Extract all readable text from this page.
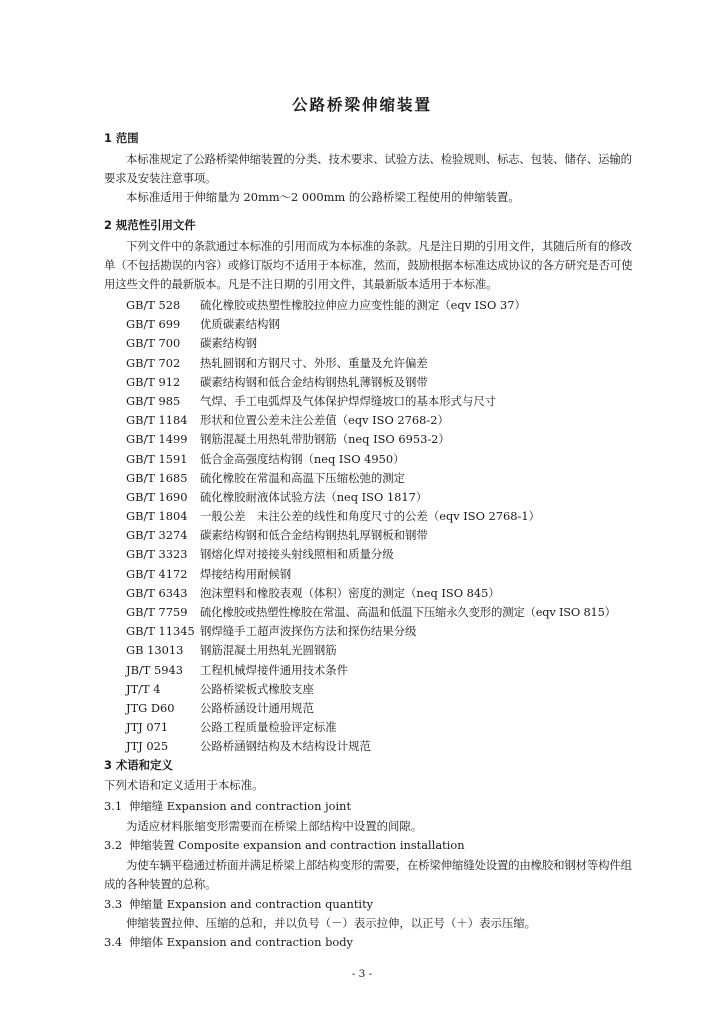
公路桥梁伸缩装置
1 范围

本标准规定了公路桥梁伸缩装置的分类、技术要求、试验方法、检验规则、标志、包装、储存、运输的要求及安装注意事项。

本标准适用于伸缩量为 20mm～2 000mm 的公路桥梁工程使用的伸缩装置。

2 规范性引用文件

下列文件中的条款通过本标准的引用而成为本标准的条款。凡是注日期的引用文件，其随后所有的修改单（不包括勘误的内容）或修订版均不适用于本标准，然而，鼓励根据本标准达成协议的各方研究是否可使用这些文件的最新版本。凡是不注日期的引用文件，其最新版本适用于本标准。

GB/T 528 硫化橡胶或热塑性橡胶拉伸应力应变性能的测定（eqv ISO 37）
GB/T 699 优质碳素结构钢
GB/T 700 碳素结构钢
GB/T 702 热轧圆钢和方钢尺寸、外形、重量及允许偏差
GB/T 912 碳素结构钢和低合金结构钢热轧薄钢板及钢带
GB/T 985 气焊、手工电弧焊及气体保护焊焊缝坡口的基本形式与尺寸
GB/T 1184 形状和位置公差未注公差值（eqv ISO 2768-2）
GB/T 1499 钢筋混凝土用热轧带肋钢筋（neq ISO 6953-2）
GB/T 1591 低合金高强度结构钢（neq ISO 4950）
GB/T 1685 硫化橡胶在常温和高温下压缩松弛的测定
GB/T 1690 硫化橡胶耐液体试验方法（neq ISO 1817）
GB/T 1804 一般公差　未注公差的线性和角度尺寸的公差（eqv ISO 2768-1）
GB/T 3274 碳素结构钢和低合金结构钢热轧厚钢板和钢带
GB/T 3323 钢熔化焊对接接头射线照相和质量分级
GB/T 4172 焊接结构用耐候钢
GB/T 6343 泡沫塑料和橡胶表观（体积）密度的测定（neq ISO 845）
GB/T 7759 硫化橡胶或热塑性橡胶在常温、高温和低温下压缩永久变形的测定（eqv ISO 815）
GB/T 11345 钢焊缝手工超声波探伤方法和探伤结果分级
GB 13013 钢筋混凝土用热轧光圆钢筋
JB/T 5943 工程机械焊接件通用技术条件
JT/T 4	公路桥梁板式橡胶支座
JTG D60 公路桥涵设计通用规范
JTJ 071	公路工程质量检验评定标准
JTJ 025	公路桥涵钢结构及木结构设计规范
3 术语和定义
下列术语和定义适用于本标准。
3.1 伸缩缝 Expansion and contraction joint
为适应材料胀缩变形需要而在桥梁上部结构中设置的间隙。
3.2 伸缩装置 Composite expansion and contraction installation

为使车辆平稳通过桥面并满足桥梁上部结构变形的需要，在桥梁伸缩缝处设置的由橡胶和钢材等构件组成的各种装置的总称。

3.3 伸缩量 Expansion and contraction quantity
伸缩装置拉伸、压缩的总和，并以负号（－）表示拉伸，以正号（＋）表示压缩。
3.4 伸缩体 Expansion and contraction body
- 3 -
